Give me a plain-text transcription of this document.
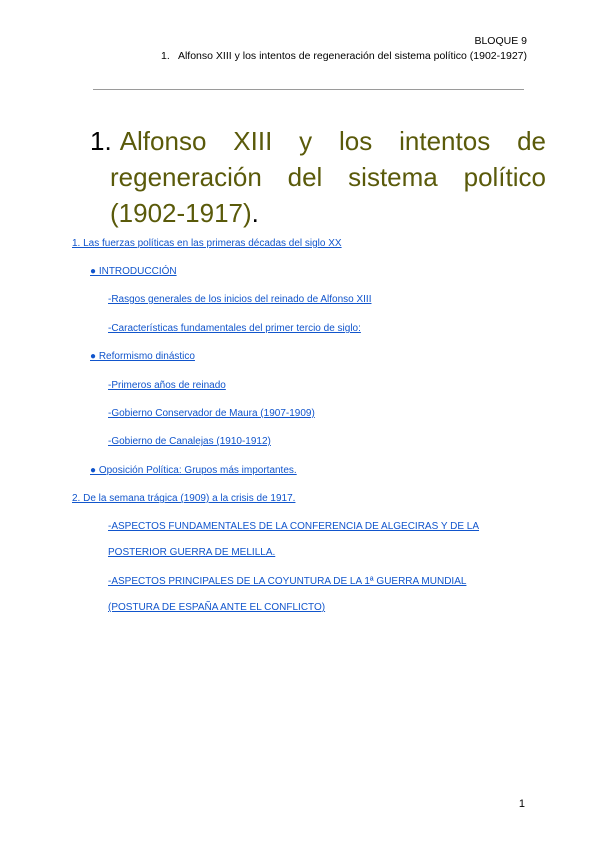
BLOQUE 9
1.   Alfonso XIII y los intentos de regeneración del sistema político (1902-1927)
1. Alfonso XIII y los intentos de regeneración del sistema político (1902-1917).
1. Las fuerzas políticas en las primeras décadas del siglo XX
● INTRODUCCIÓN
-Rasgos generales de los inicios del reinado de Alfonso XIII
-Características fundamentales del primer tercio de siglo:
● Reformismo dinástico
-Primeros años de reinado
-Gobierno Conservador de Maura (1907-1909)
-Gobierno de Canalejas (1910-1912)
● Oposición Política: Grupos más importantes.
2. De la semana trágica (1909) a la crisis de 1917.
-ASPECTOS FUNDAMENTALES DE LA CONFERENCIA DE ALGECIRAS Y DE LA
POSTERIOR GUERRA DE MELILLA.
-ASPECTOS PRINCIPALES DE LA COYUNTURA DE LA 1ª GUERRA MUNDIAL
(POSTURA DE ESPAÑA ANTE EL CONFLICTO)
1
